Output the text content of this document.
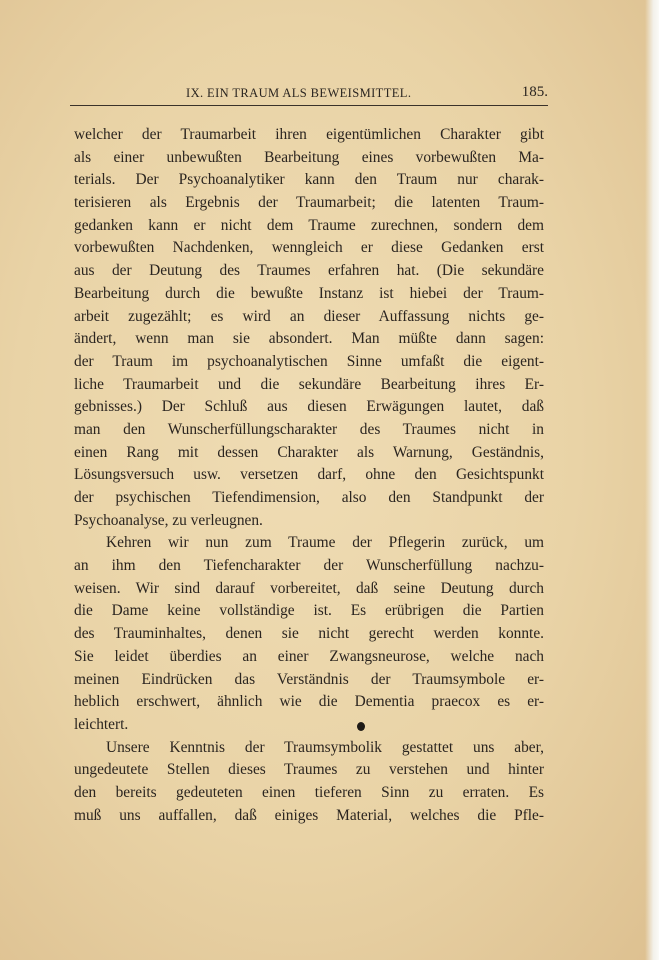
IX. EIN TRAUM ALS BEWEISMITTEL.	185.
welcher der Traumarbeit ihren eigentümlichen Charakter gibt
als einer unbewußten Bearbeitung eines vorbewußten Ma-
terials. Der Psychoanalytiker kann den Traum nur charak-
terisieren als Ergebnis der Traumarbeit; die latenten Traum-
gedanken kann er nicht dem Traume zurechnen, sondern dem
vorbewußten Nachdenken, wenngleich er diese Gedanken erst
aus der Deutung des Traumes erfahren hat. (Die sekundäre
Bearbeitung durch die bewußte Instanz ist hiebei der Traum-
arbeit zugezählt; es wird an dieser Auffassung nichts ge-
ändert, wenn man sie absondert. Man müßte dann sagen:
der Traum im psychoanalytischen Sinne umfaßt die eigent-
liche Traumarbeit und die sekundäre Bearbeitung ihres Er-
gebnisses.) Der Schluß aus diesen Erwägungen lautet, daß
man den Wunscherfüllungscharakter des Traumes nicht in
einen Rang mit dessen Charakter als Warnung, Geständnis,
Lösungsversuch usw. versetzen darf, ohne den Gesichtspunkt
der psychischen Tiefendimension, also den Standpunkt der
Psychoanalyse, zu verleugnen.
Kehren wir nun zum Traume der Pflegerin zurück, um
an ihm den Tiefencharakter der Wunscherfüllung nachzu-
weisen. Wir sind darauf vorbereitet, daß seine Deutung durch
die Dame keine vollständige ist. Es erübrigen die Partien
des Trauminhaltes, denen sie nicht gerecht werden konnte.
Sie leidet überdies an einer Zwangsneurose, welche nach
meinen Eindrücken das Verständnis der Traumsymbole er-
heblich erschwert, ähnlich wie die Dementia praecox es er-
leichtert.
Unsere Kenntnis der Traumsymbolik gestattet uns aber,
ungedeutete Stellen dieses Traumes zu verstehen und hinter
den bereits gedeuteten einen tieferen Sinn zu erraten. Es
muß uns auffallen, daß einiges Material, welches die Pfle-
